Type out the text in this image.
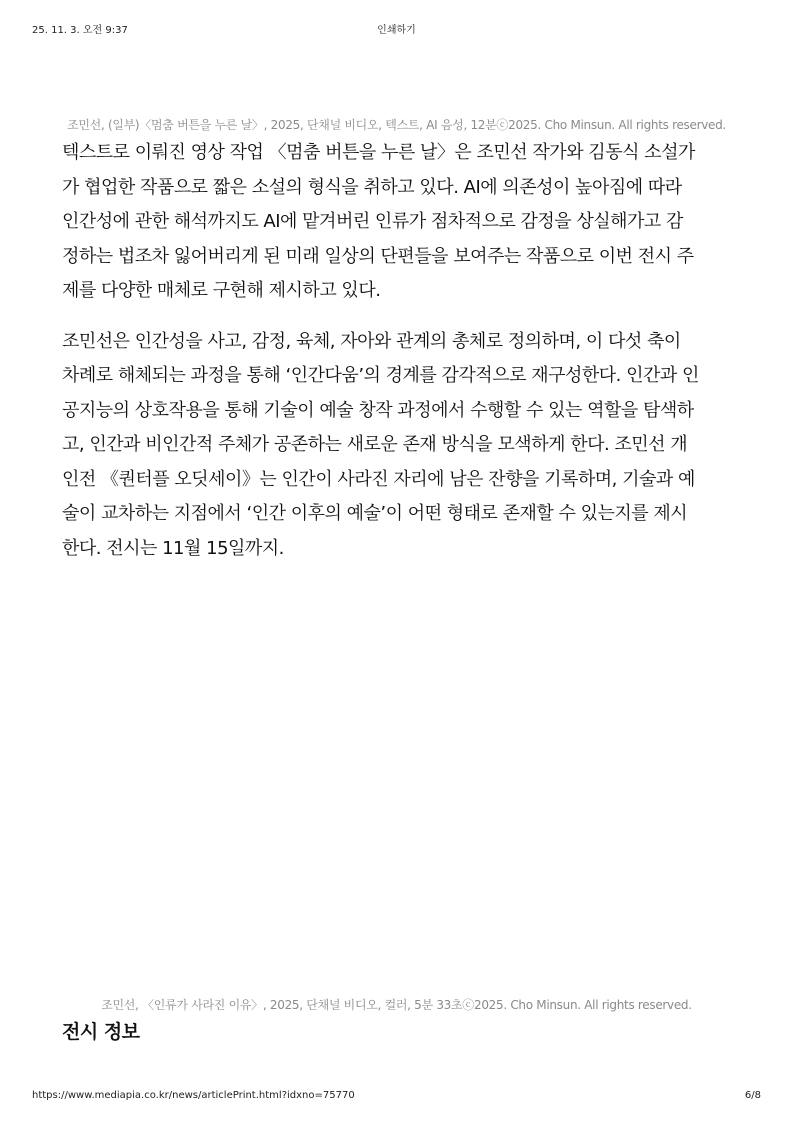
25. 11. 3. 오전 9:37	인쇄하기
조민선, (일부)〈멈춤 버튼을 누른 날〉, 2025, 단채널 비디오, 텍스트, AI 음성, 12분ⓒ2025. Cho Minsun. All rights reserved.

텍스트로 이뤄진 영상 작업 〈멈춤 버튼을 누른 날〉은 조민선 작가와 김동식 소설가

가 협업한 작품으로 짧은 소설의 형식을 취하고 있다. AI에 의존성이 높아짐에 따라

인간성에 관한 해석까지도 AI에 맡겨버린 인류가 점차적으로 감정을 상실해가고 감

정하는 법조차 잃어버리게 된 미래 일상의 단편들을 보여주는 작품으로 이번 전시 주

제를 다양한 매체로 구현해 제시하고 있다.

조민선은 인간성을 사고, 감정, 육체, 자아와 관계의 총체로 정의하며, 이 다섯 축이

차례로 해체되는 과정을 통해 ‘인간다움’의 경계를 감각적으로 재구성한다. 인간과 인

공지능의 상호작용을 통해 기술이 예술 창작 과정에서 수행할 수 있는 역할을 탐색하

고, 인간과 비인간적 주체가 공존하는 새로운 존재 방식을 모색하게 한다. 조민선 개

인전 《퀀터플 오딧세이》는 인간이 사라진 자리에 남은 잔향을 기록하며, 기술과 예

술이 교차하는 지점에서 ‘인간 이후의 예술’이 어떤 형태로 존재할 수 있는지를 제시

한다. 전시는 11월 15일까지.

조민선, 〈인류가 사라진 이유〉, 2025, 단채널 비디오, 컬러, 5분 33초ⓒ2025. Cho Minsun. All rights reserved.
전시 정보
https://www.mediapia.co.kr/news/articlePrint.html?idxno=75770	6/8
